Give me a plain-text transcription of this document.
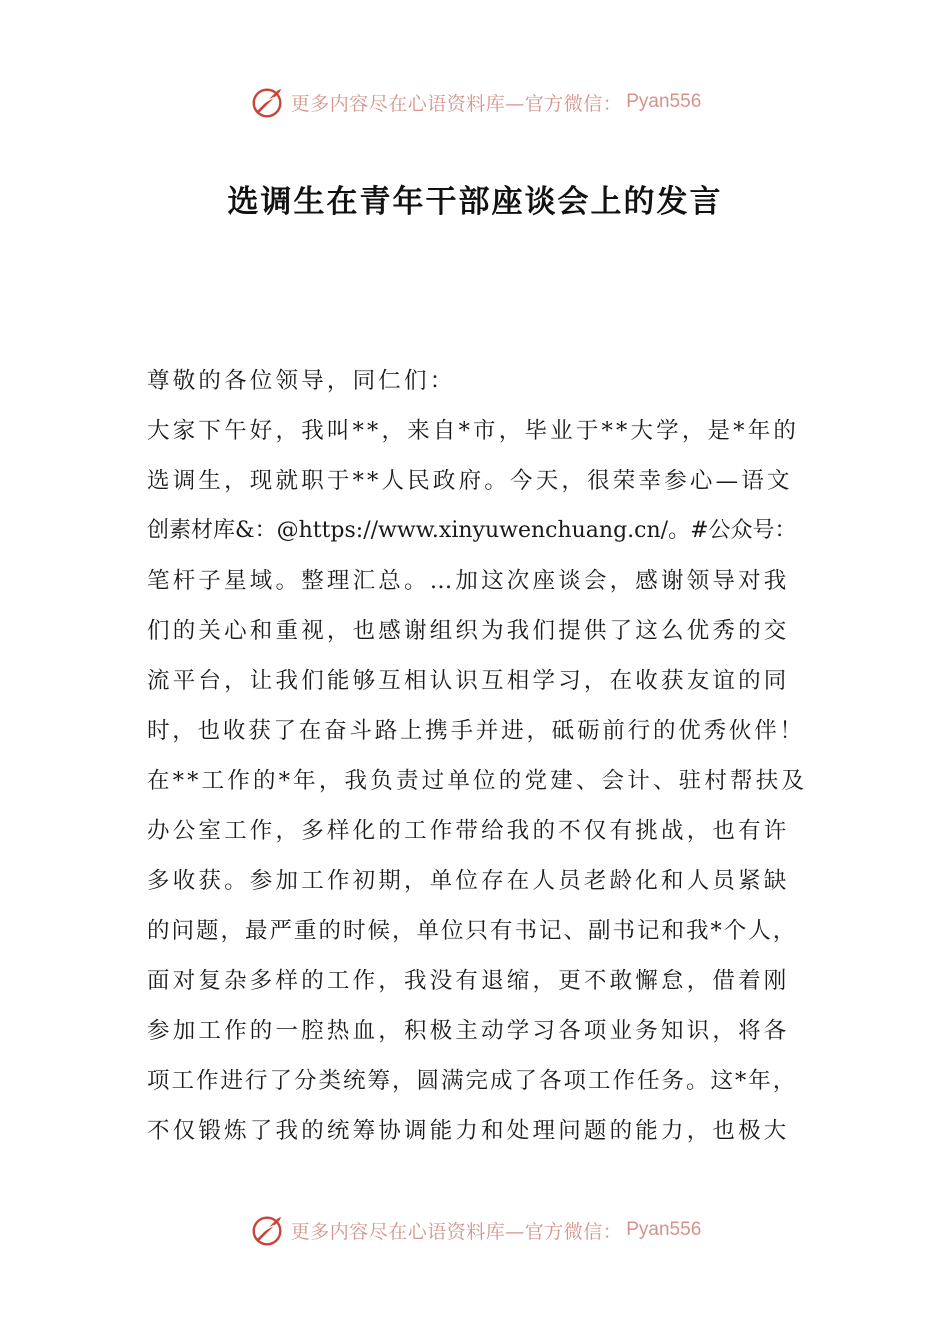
更多内容尽在心语资料库—官方微信： Pyan556
选调生在青年干部座谈会上的发言
尊敬的各位领导，同仁们：
大家下午好，我叫**，来自*市，毕业于**大学，是*年的
选调生，现就职于**人民政府。今天，很荣幸参心—语文
创素材库&：@https://www.xinyuwenchuang.cn/。#公众号：
笔杆子星域。整理汇总。…加这次座谈会，感谢领导对我
们的关心和重视，也感谢组织为我们提供了这么优秀的交
流平台，让我们能够互相认识互相学习，在收获友谊的同
时，也收获了在奋斗路上携手并进，砥砺前行的优秀伙伴！
在**工作的*年，我负责过单位的党建、会计、驻村帮扶及
办公室工作，多样化的工作带给我的不仅有挑战，也有许
多收获。参加工作初期，单位存在人员老龄化和人员紧缺
的问题，最严重的时候，单位只有书记、副书记和我*个人，
面对复杂多样的工作，我没有退缩，更不敢懈怠，借着刚
参加工作的一腔热血，积极主动学习各项业务知识，将各
项工作进行了分类统筹，圆满完成了各项工作任务。这*年，
不仅锻炼了我的统筹协调能力和处理问题的能力，也极大
更多内容尽在心语资料库—官方微信： Pyan556
